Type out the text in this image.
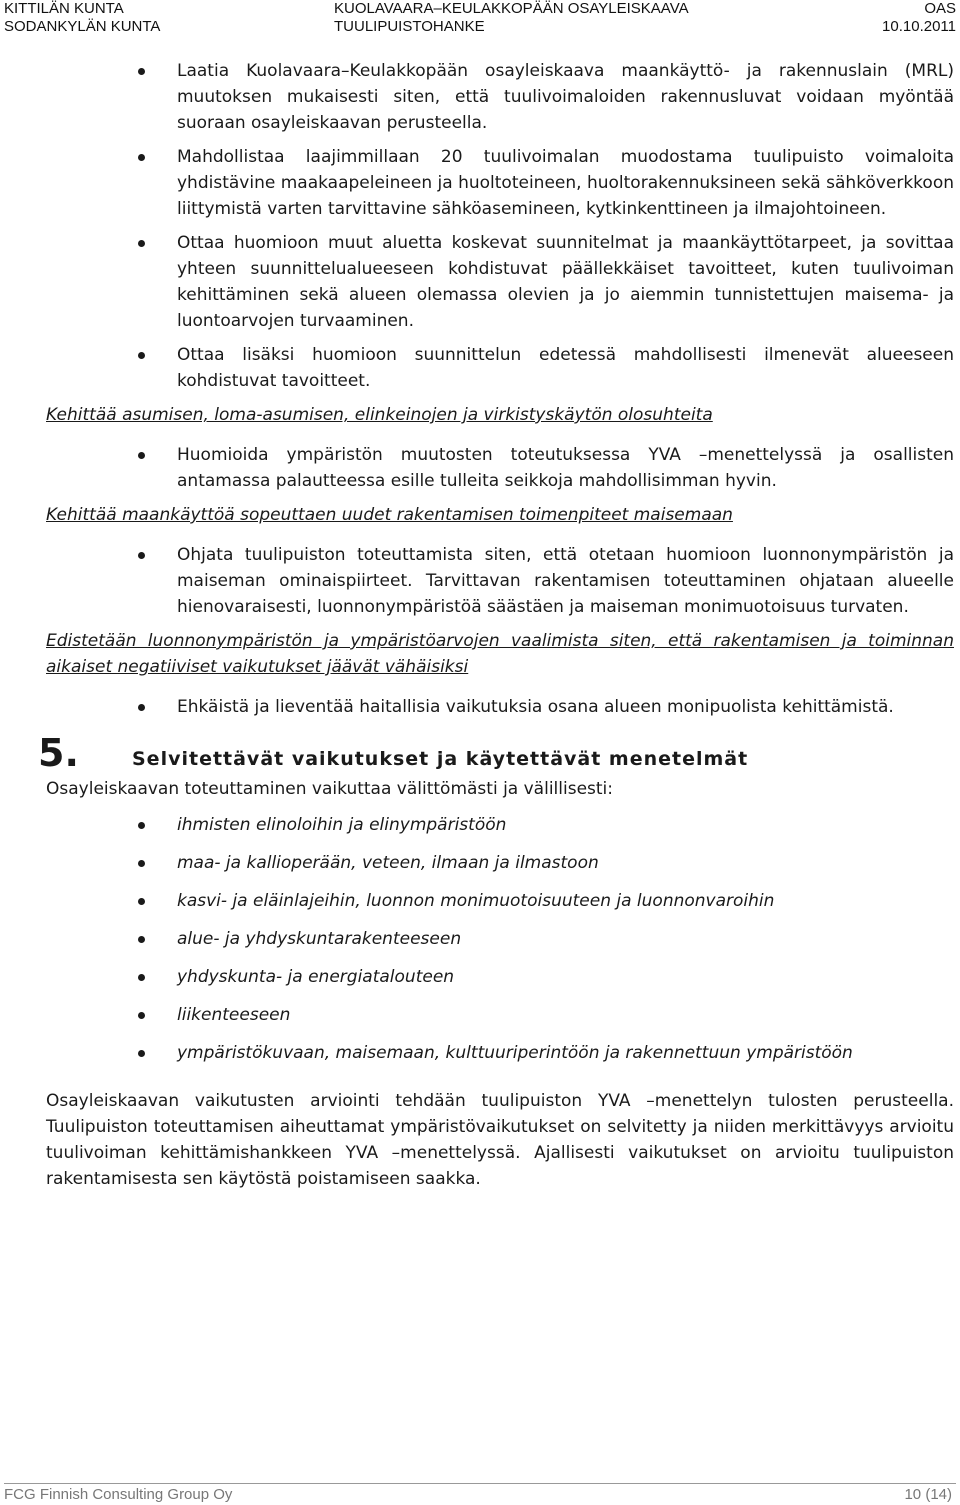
KITTILÄN KUNTA
SODANKYLÄN KUNTA
KUOLAVAARA–KEULAKKOPÄÄN OSAYLEISKAAVA
TUULIPUISTOHANKE
OAS
10.10.2011
Laatia Kuolavaara–Keulakkopään osayleiskaava maankäyttö- ja rakennuslain (MRL) muutoksen mukaisesti siten, että tuulivoimaloiden rakennusluvat voidaan myöntää suoraan osayleiskaavan perusteella.
Mahdollistaa laajimmillaan 20 tuulivoimalan muodostama tuulipuisto voimaloita yhdistävine maakaapeleineen ja huoltoteineen, huoltorakennuksineen sekä sähköverkkoon liittymistä varten tarvittavine sähköasemineen, kytkinkenttineen ja ilmajohtoineen.
Ottaa huomioon muut aluetta koskevat suunnitelmat ja maankäyttötarpeet, ja sovittaa yhteen suunnittelualueeseen kohdistuvat päällekkäiset tavoitteet, kuten tuulivoiman kehittäminen sekä alueen olemassa olevien ja jo aiemmin tunnistettujen maisema- ja luontoarvojen turvaaminen.
Ottaa lisäksi huomioon suunnittelun edetessä mahdollisesti ilmenevät alueeseen kohdistuvat tavoitteet.
Kehittää asumisen, loma-asumisen, elinkeinojen ja virkistyskäytön olosuhteita
Huomioida ympäristön muutosten toteutuksessa YVA –menettelyssä ja osallisten antamassa palautteessa esille tulleita seikkoja mahdollisimman hyvin.
Kehittää maankäyttöä sopeuttaen uudet rakentamisen toimenpiteet maisemaan
Ohjata tuulipuiston toteuttamista siten, että otetaan huomioon luonnonympäristön ja maiseman ominaispiirteet. Tarvittavan rakentamisen toteuttaminen ohjataan alueelle hienovaraisesti, luonnonympäristöä säästäen ja maiseman monimuotoisuus turvaten.
Edistetään luonnonympäristön ja ympäristöarvojen vaalimista siten, että rakentamisen ja toiminnan aikaiset negatiiviset vaikutukset jäävät vähäisiksi
Ehkäistä ja lieventää haitallisia vaikutuksia osana alueen monipuolista kehittämistä.
5.	Selvitettävät vaikutukset ja käytettävät menetelmät

Osayleiskaavan toteuttaminen vaikuttaa välittömästi ja välillisesti:

ihmisten elinoloihin ja elinympäristöön
maa- ja kallioperään, veteen, ilmaan ja ilmastoon
kasvi- ja eläinlajeihin, luonnon monimuotoisuuteen ja luonnonvaroihin
alue- ja yhdyskuntarakenteeseen
yhdyskunta- ja energiatalouteen
liikenteeseen
ympäristökuvaan, maisemaan, kulttuuriperintöön ja rakennettuun ympäristöön

Osayleiskaavan vaikutusten arviointi tehdään tuulipuiston YVA –menettelyn tulosten perusteella. Tuulipuiston toteuttamisen aiheuttamat ympäristövaikutukset on selvitetty ja niiden merkittävyys arvioitu tuulivoiman kehittämishankkeen YVA –menettelyssä. Ajallisesti vaikutukset on arvioitu tuulipuiston rakentamisesta sen käytöstä poistamiseen saakka.

FCG Finnish Consulting Group Oy	10 (14)
